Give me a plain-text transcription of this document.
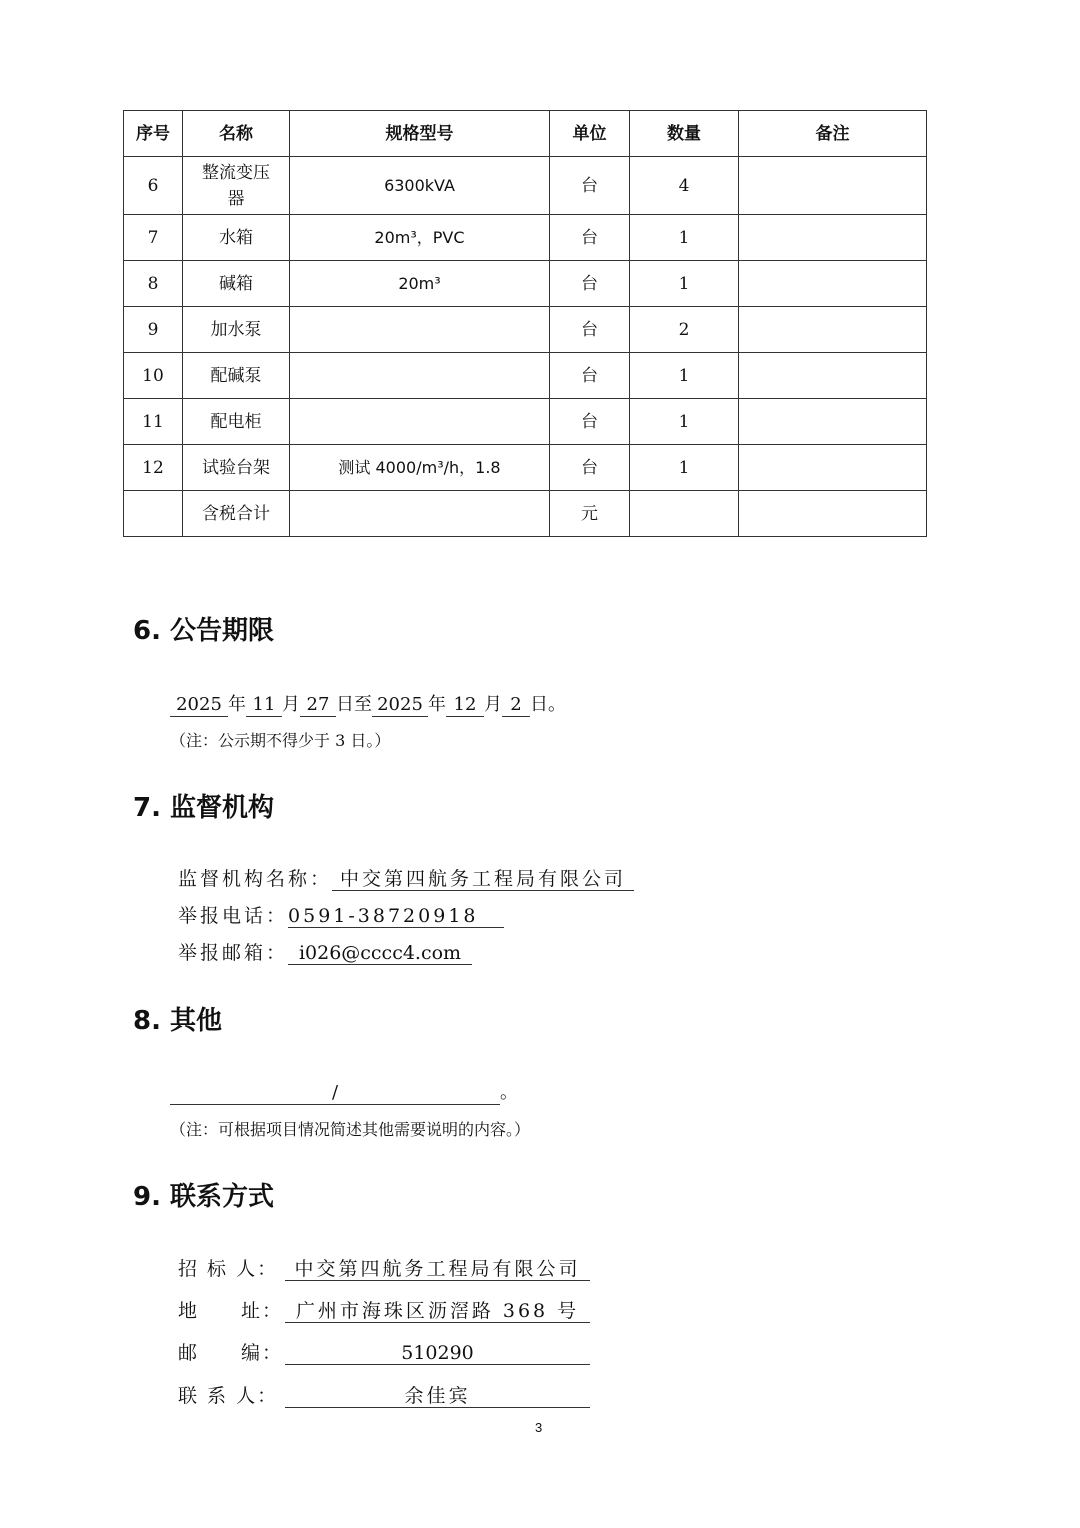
序号	名称	规格型号	单位	数量	备注
6	整流变压器	6300kVA	台	4	
7	水箱	20m³，PVC	台	1	
8	碱箱	20m³	台	1	
9	加水泵		台	2	
10	配碱泵		台	1	
11	配电柜		台	1	
12	试验台架	测试 4000/m³/h，1.8	台	1	
	含税合计		元		
6. 公告期限
2025 年 11 月 27 日至 2025 年 12 月 2 日。
（注：公示期不得少于 3 日。）
7. 监督机构
监督机构名称： 中交第四航务工程局有限公司
举报电话：0591-38720918
举报邮箱： i026@cccc4.com
8. 其他
/	。
（注：可根据项目情况简述其他需要说明的内容。）
9. 联系方式
招 标 人： 中交第四航务工程局有限公司
地　　址： 广州市海珠区沥滘路 368 号
邮　　编：	510290
联 系 人：	余佳宾
3
